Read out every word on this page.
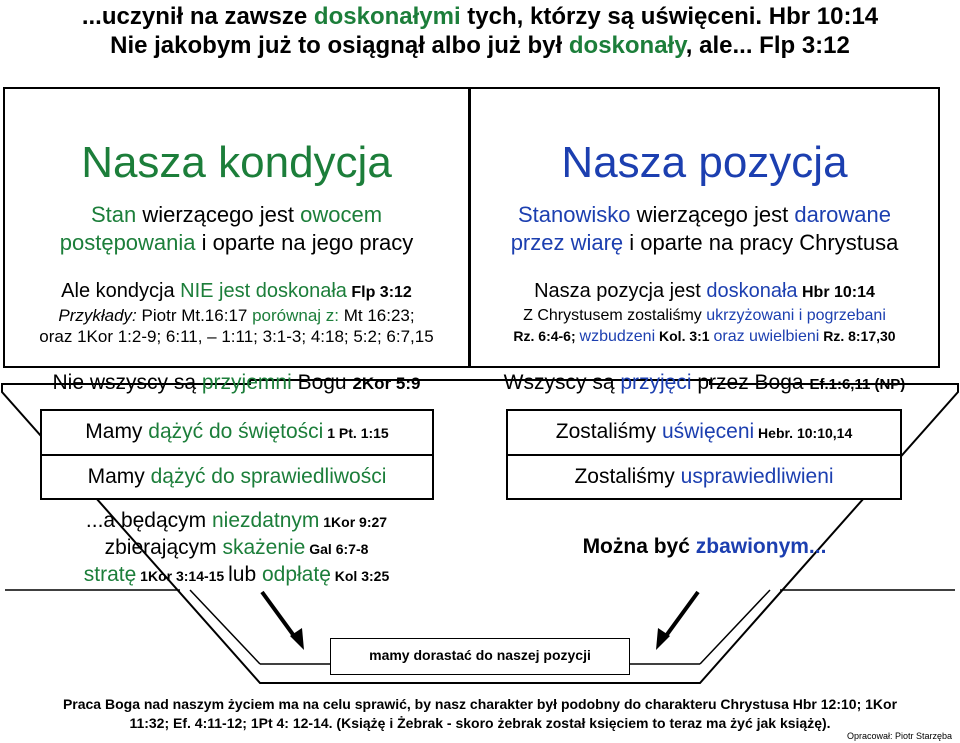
...uczynił na zawsze doskonałymi tych, którzy są uświęceni. Hbr 10:14
Nie jakobym już to osiągnął albo już był doskonały, ale... Flp 3:12
Nasza kondycja
Stan wierzącego jest owocem
postępowania i oparte na jego pracy
Ale kondycja NIE jest doskonała Flp 3:12
Przykłady: Piotr Mt.16:17 porównaj z: Mt 16:23;
oraz 1Kor 1:2-9; 6:11, – 1:11; 3:1-3; 4:18; 5:2; 6:7,15
Nasza pozycja
Stanowisko wierzącego jest darowane
przez wiarę i oparte na pracy Chrystusa
Nasza pozycja jest doskonała Hbr 10:14
Z Chrystusem zostaliśmy ukrzyżowani i pogrzebani
Rz. 6:4-6; wzbudzeni Kol. 3:1 oraz uwielbieni Rz. 8:17,30
Nie wszyscy są przyjemni Bogu 2Kor 5:9	Wszyscy są przyjęci przez Boga Ef.1:6,11 (NP)
Mamy dążyć do świętości 1 Pt. 1:15	Zostaliśmy uświęceni Hebr. 10:10,14
Mamy dążyć do sprawiedliwości	Zostaliśmy usprawiedliwieni
...a będącym niezdatnym 1Kor 9:27
zbierającym skażenie Gal 6:7-8
stratę 1Kor 3:14-15 lub odpłatę Kol 3:25
Można być zbawionym...
mamy dorastać do naszej pozycji
Praca Boga nad naszym życiem ma na celu sprawić, by nasz charakter był podobny do charakteru Chrystusa Hbr 12:10; 1Kor
11:32; Ef. 4:11-12; 1Pt 4: 12-14. (Książę i Żebrak - skoro żebrak został księciem to teraz ma żyć jak książę).
Opracował: Piotr Starzęba
